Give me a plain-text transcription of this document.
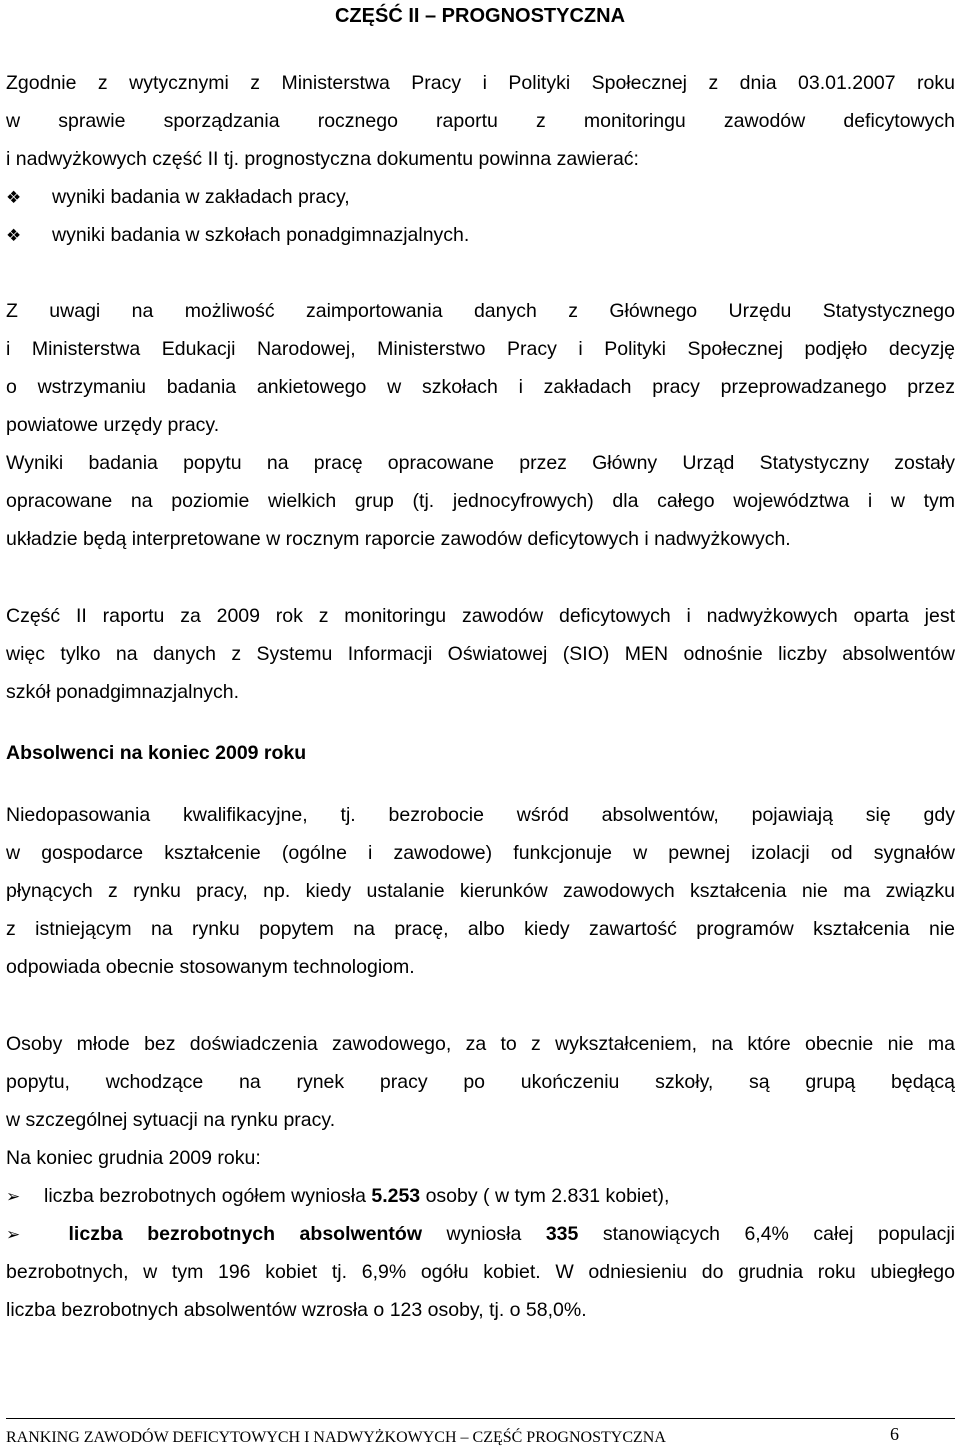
CZĘŚĆ II – PROGNOSTYCZNA
Zgodnie z wytycznymi z Ministerstwa Pracy i Polityki Społecznej z dnia 03.01.2007 roku
w sprawie sporządzania rocznego raportu z monitoringu zawodów deficytowych
i nadwyżkowych część II tj. prognostyczna dokumentu powinna zawierać:
❖ wyniki badania w zakładach pracy,
❖ wyniki badania w szkołach ponadgimnazjalnych.
Z uwagi na możliwość zaimportowania danych z Głównego Urzędu Statystycznego
i Ministerstwa Edukacji Narodowej, Ministerstwo Pracy i Polityki Społecznej podjęło decyzję
o wstrzymaniu badania ankietowego w szkołach i zakładach pracy przeprowadzanego przez
powiatowe urzędy pracy.
Wyniki badania popytu na pracę opracowane przez Główny Urząd Statystyczny zostały
opracowane na poziomie wielkich grup (tj. jednocyfrowych) dla całego województwa i w tym
układzie będą interpretowane w rocznym raporcie zawodów deficytowych i nadwyżkowych.
Część II raportu za 2009 rok z monitoringu zawodów deficytowych i nadwyżkowych oparta jest
więc tylko na danych z Systemu Informacji Oświatowej (SIO) MEN odnośnie liczby absolwentów
szkół ponadgimnazjalnych.
Absolwenci na koniec 2009 roku
Niedopasowania kwalifikacyjne, tj. bezrobocie wśród absolwentów, pojawiają się gdy
w gospodarce kształcenie (ogólne i zawodowe) funkcjonuje w pewnej izolacji od sygnałów
płynących z rynku pracy, np. kiedy ustalanie kierunków zawodowych kształcenia nie ma związku
z istniejącym na rynku popytem na pracę, albo kiedy zawartość programów kształcenia nie
odpowiada obecnie stosowanym technologiom.
Osoby młode bez doświadczenia zawodowego, za to z wykształceniem, na które obecnie nie ma
popytu, wchodzące na rynek pracy po ukończeniu szkoły, są grupą będącą
w szczególnej sytuacji na rynku pracy.
Na koniec grudnia 2009 roku:
➢ liczba bezrobotnych ogółem wyniosła 5.253 osoby ( w tym 2.831 kobiet),
➢ liczba bezrobotnych absolwentów wyniosła 335 stanowiących 6,4% całej populacji
bezrobotnych, w tym 196 kobiet tj. 6,9% ogółu kobiet. W odniesieniu do grudnia roku ubiegłego
liczba bezrobotnych absolwentów wzrosła o 123 osoby, tj. o 58,0%.
RANKING ZAWODÓW DEFICYTOWYCH I NADWYŻKOWYCH – CZĘŚĆ PROGNOSTYCZNA	6
